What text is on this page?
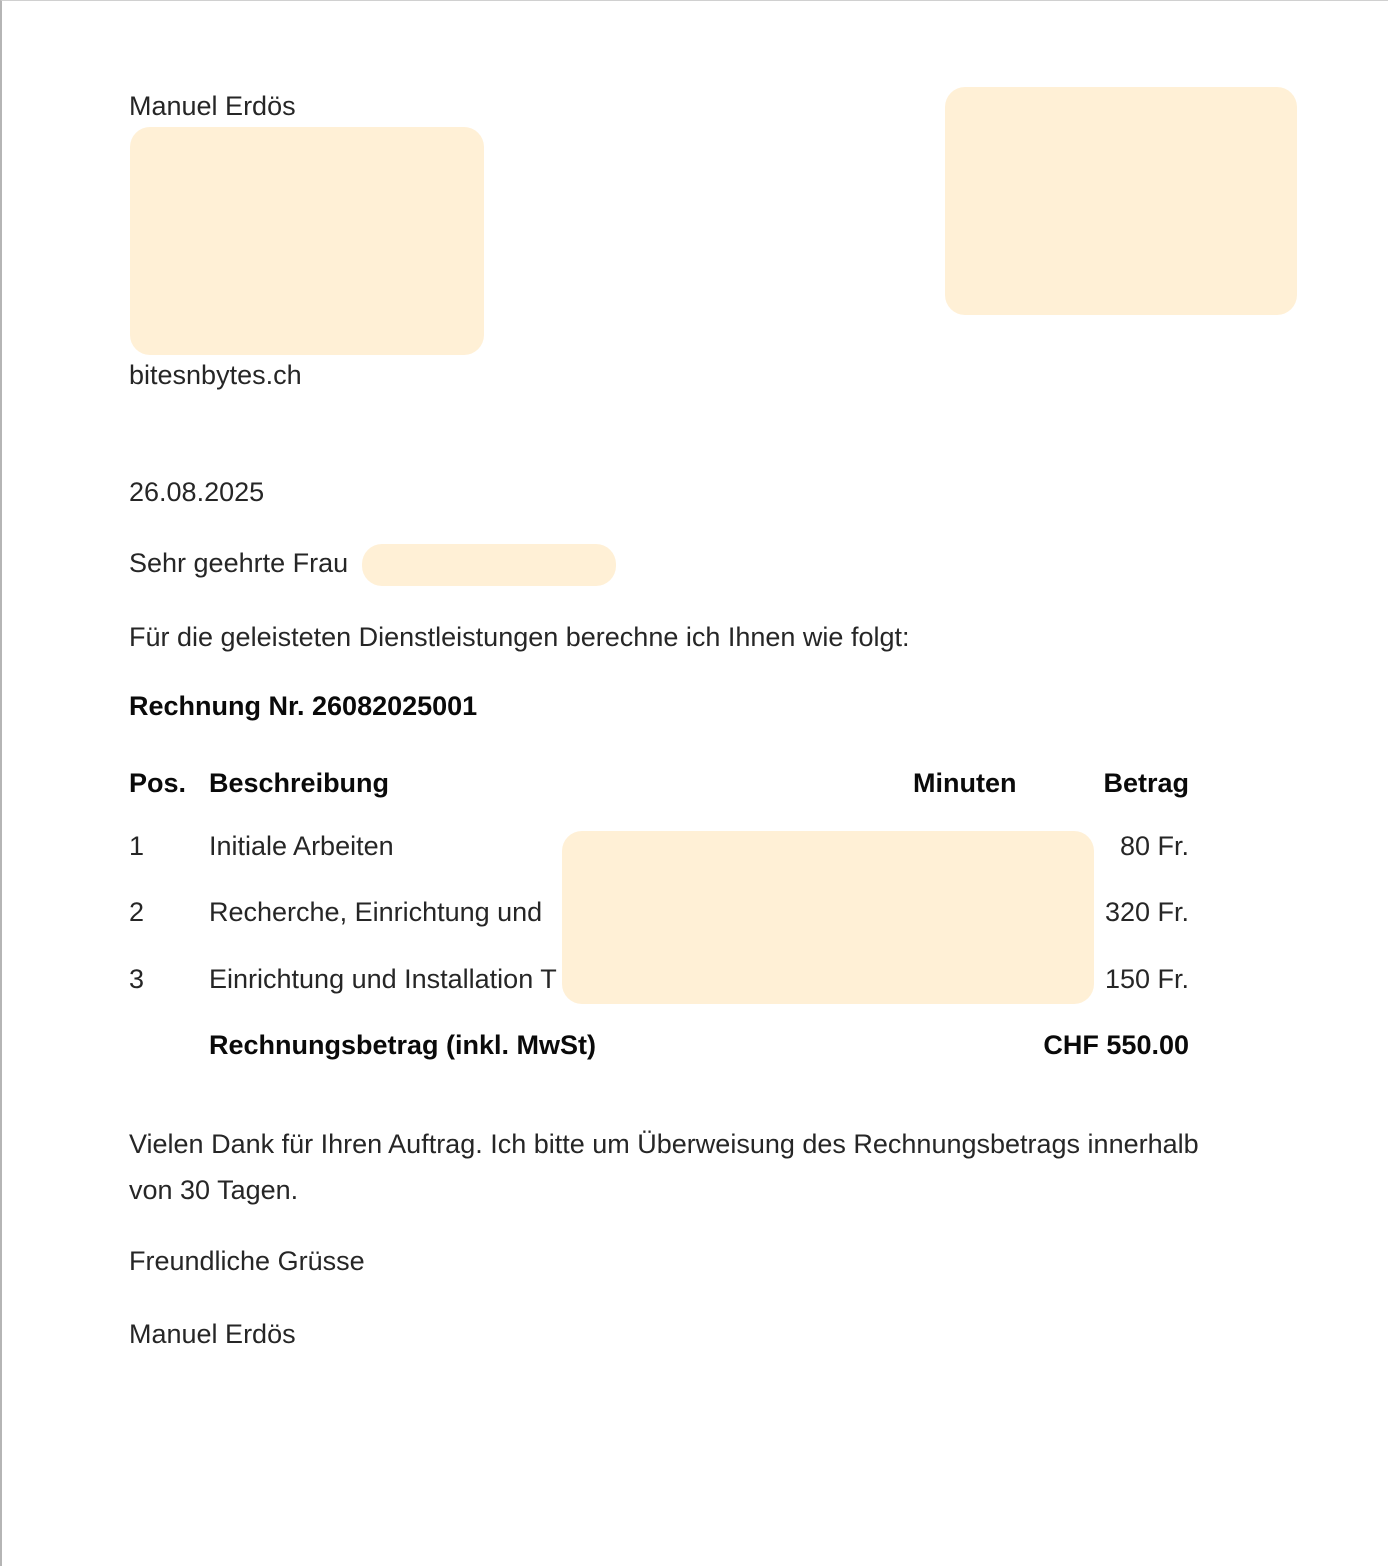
Manuel Erdös
bitesnbytes.ch
26.08.2025
Sehr geehrte Frau
Für die geleisteten Dienstleistungen berechne ich Ihnen wie folgt:
Rechnung Nr. 26082025001
Pos. Beschreibung	Minuten	Betrag
1 Initiale Arbeiten	80 Fr.
2 Recherche, Einrichtung und	320 Fr.
3 Einrichtung und Installation T	150 Fr.
Rechnungsbetrag (inkl. MwSt)	CHF 550.00
Vielen Dank für Ihren Auftrag. Ich bitte um Überweisung des Rechnungsbetrags innerhalb
von 30 Tagen.
Freundliche Grüsse
Manuel Erdös
